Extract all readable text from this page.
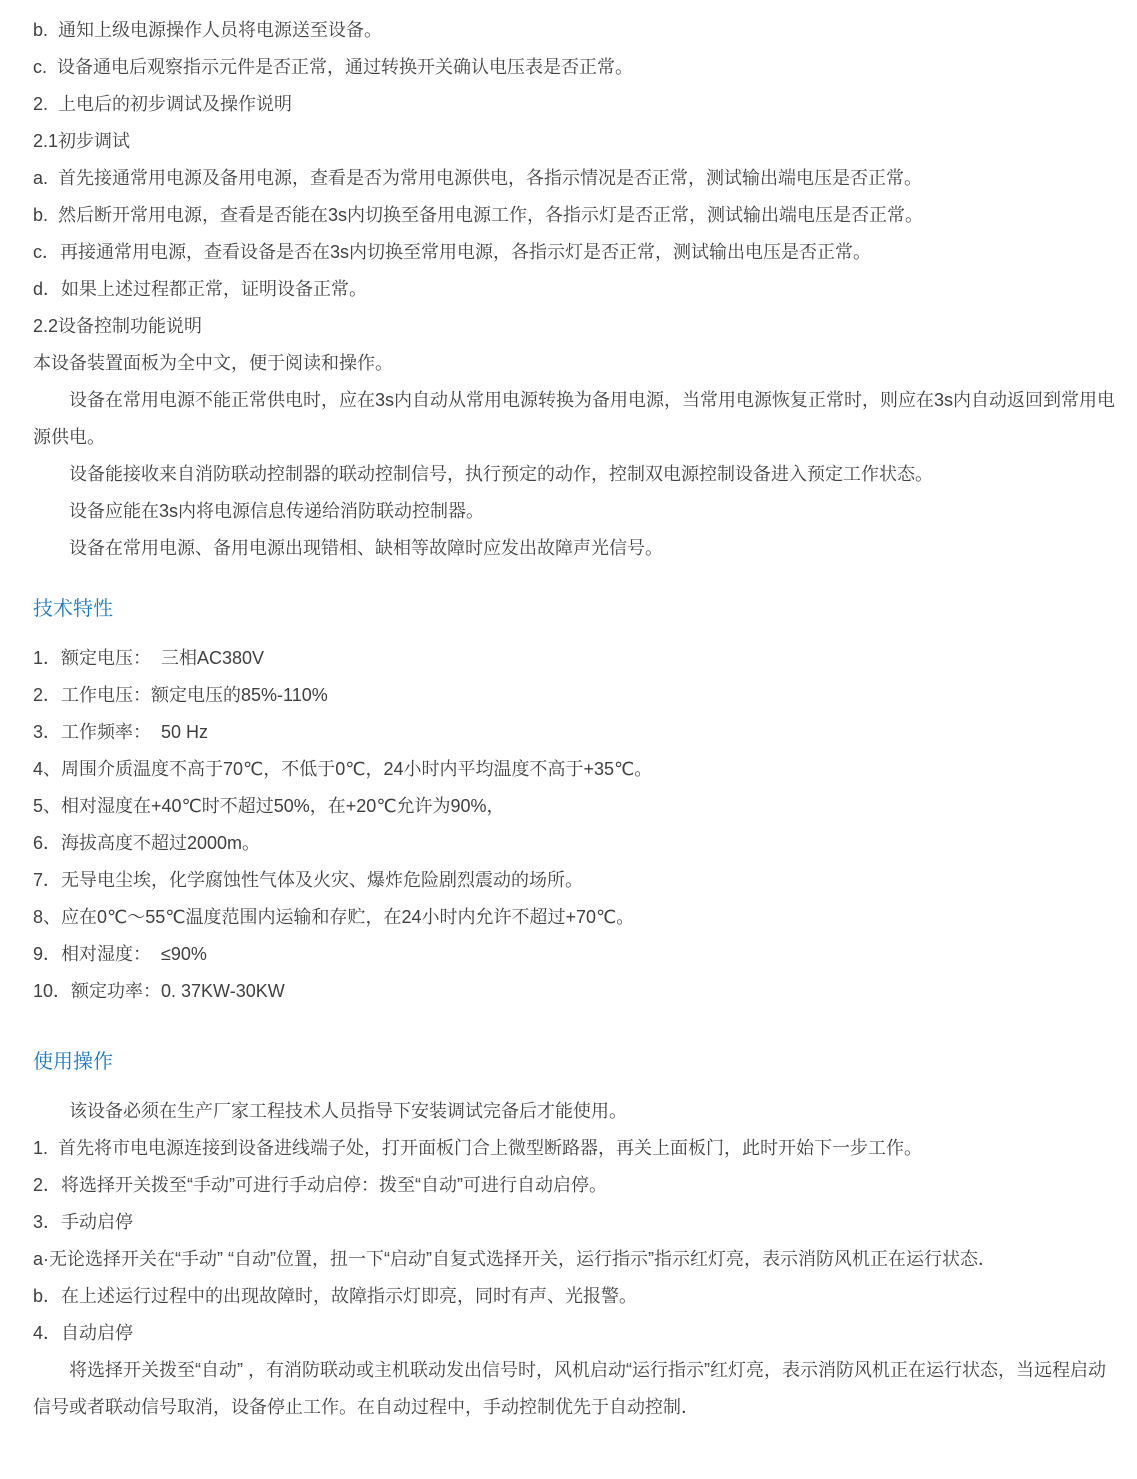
b.  通知上级电源操作人员将电源送至设备。

c.  设备通电后观察指示元件是否正常，通过转换开关确认电压表是否正常。

2.  上电后的初步调试及操作说明

2.1初步调试

a.  首先接通常用电源及备用电源，查看是否为常用电源供电，各指示情况是否正常，测试输出端电压是否正常。

b.  然后断开常用电源，查看是否能在3s内切换至备用电源工作，各指示灯是否正常，测试输出端电压是否正常。

c．再接通常用电源，查看设备是否在3s内切换至常用电源，各指示灯是否正常，测试输出电压是否正常。

d．如果上述过程都正常，证明设备正常。

2.2设备控制功能说明

本设备装置面板为全中文，便于阅读和操作。

设备在常用电源不能正常供电时，应在3s内自动从常用电源转换为备用电源，当常用电源恢复正常时，则应在3s内自动返回到常用电源供电。

设备能接收来自消防联动控制器的联动控制信号，执行预定的动作，控制双电源控制设备进入预定工作状态。

设备应能在3s内将电源信息传递给消防联动控制器。

设备在常用电源、备用电源出现错相、缺相等故障时应发出故障声光信号。

技术特性

1．额定电压：  三相AC380V

2．工作电压：额定电压的85%-110%

3．工作频率：  50 Hz

4、周围介质温度不高于70℃，不低于0℃，24小时内平均温度不高于+35℃。

5、相对湿度在+40℃时不超过50%，在+20℃允许为90%，

6．海拔高度不超过2000m。

7．无导电尘埃，化学腐蚀性气体及火灾、爆炸危险剧烈震动的场所。

8、应在0℃～55℃温度范围内运输和存贮，在24小时内允许不超过+70℃。

9．相对湿度：  ≤90%

10．额定功率：0. 37KW-30KW

使用操作

该设备必须在生产厂家工程技术人员指导下安装调试完备后才能使用。

1.  首先将市电电源连接到设备进线端子处，打开面板门合上微型断路器，再关上面板门，此时开始下一步工作。

2．将选择开关拨至“手动”可进行手动启停：拨至“自动”可进行自动启停。

3．手动启停

a·无论选择开关在“手动” “自动”位置，扭一下“启动”自复式选择开关，运行指示”指示红灯亮，表示消防风机正在运行状态．

b．在上述运行过程中的出现故障时，故障指示灯即亮，同时有声、光报警。

4．自动启停

将选择开关拨至“自动” ，有消防联动或主机联动发出信号时，风机启动“运行指示”红灯亮，表示消防风机正在运行状态，当远程启动信号或者联动信号取消，设备停止工作。在自动过程中，手动控制优先于自动控制．
